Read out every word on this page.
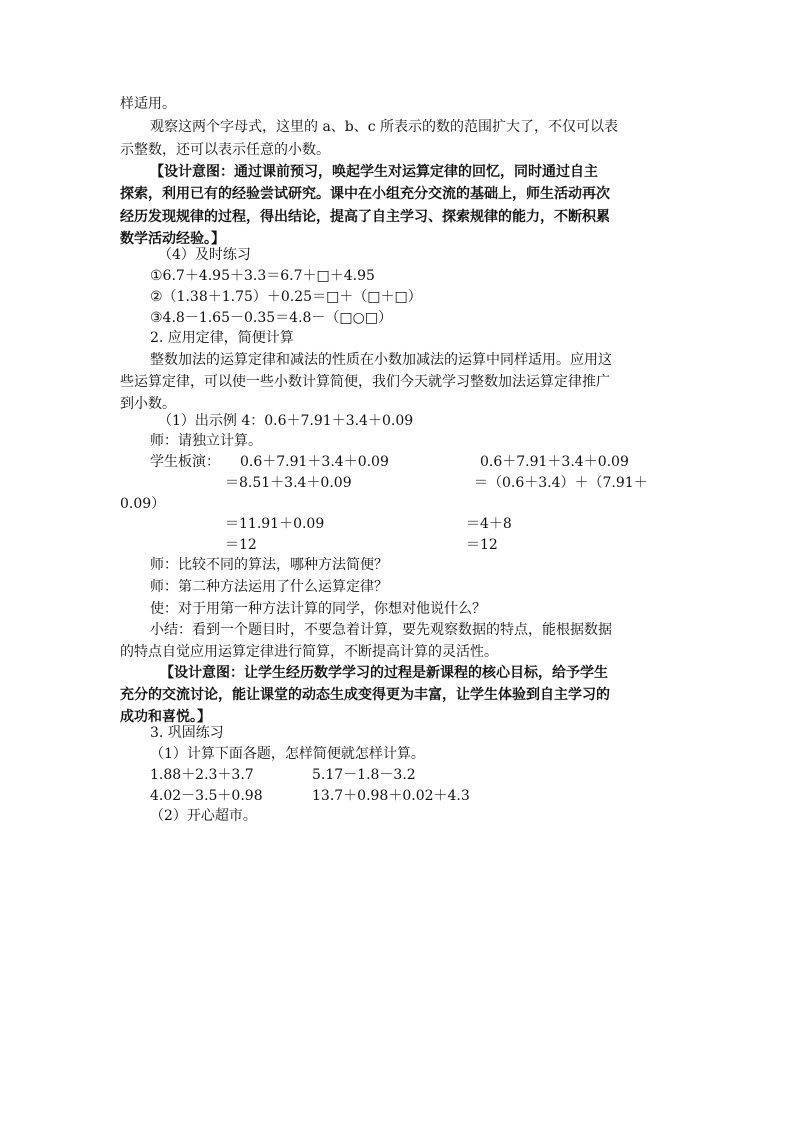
样适用。
观察这两个字母式，这里的 a、b、c 所表示的数的范围扩大了，不仅可以表
示整数，还可以表示任意的小数。
【设计意图：通过课前预习，唤起学生对运算定律的回忆，同时通过自主
探索，利用已有的经验尝试研究。课中在小组充分交流的基础上，师生活动再次
经历发现规律的过程，得出结论，提高了自主学习、探索规律的能力，不断积累
数学活动经验。】
（4）及时练习
①6.7＋4.95＋3.3＝6.7＋□＋4.95
②（1.38＋1.75）＋0.25＝□＋（□＋□）
③4.8－1.65－0.35＝4.8－（□○□）
2. 应用定律，简便计算
整数加法的运算定律和减法的性质在小数加减法的运算中同样适用。应用这
些运算定律，可以使一些小数计算简便，我们今天就学习整数加法运算定律推广
到小数。
（1）出示例 4：0.6＋7.91＋3.4＋0.09
师：请独立计算。
学生板演： 0.6＋7.91＋3.4＋0.09	0.6＋7.91＋3.4＋0.09
＝8.51＋3.4＋0.09	＝（0.6＋3.4）＋（7.91＋
0.09）
＝11.91＋0.09	＝4＋8
＝12	＝12
师：比较不同的算法，哪种方法简便？
师：第二种方法运用了什么运算定律？
使：对于用第一种方法计算的同学，你想对他说什么？
小结：看到一个题目时，不要急着计算，要先观察数据的特点，能根据数据
的特点自觉应用运算定律进行简算，不断提高计算的灵活性。
【设计意图：让学生经历数学学习的过程是新课程的核心目标，给予学生
充分的交流讨论，能让课堂的动态生成变得更为丰富，让学生体验到自主学习的
成功和喜悦。】
3. 巩固练习
（1）计算下面各题，怎样简便就怎样计算。
1.88＋2.3＋3.7	5.17－1.8－3.2
4.02－3.5＋0.98	13.7＋0.98＋0.02＋4.3
（2）开心超市。
